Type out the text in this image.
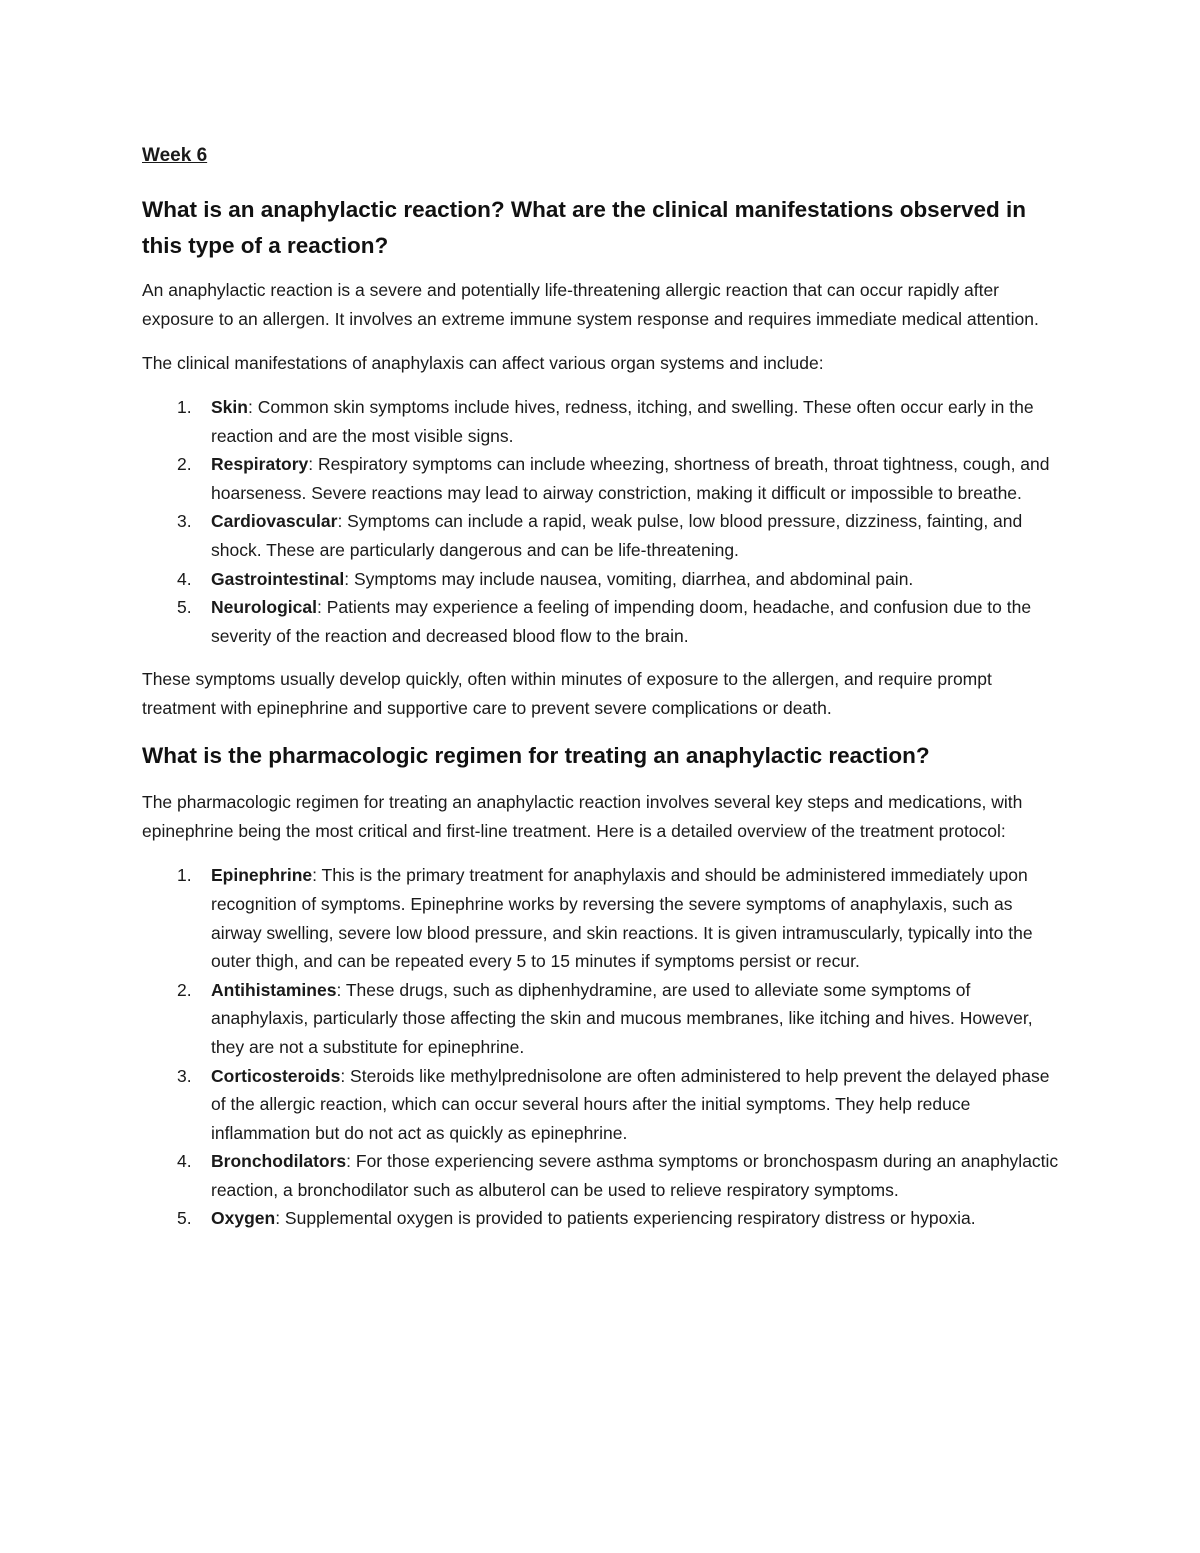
Week 6
What is an anaphylactic reaction? What are the clinical manifestations observed in this type of a reaction?

An anaphylactic reaction is a severe and potentially life-threatening allergic reaction that can occur rapidly after exposure to an allergen. It involves an extreme immune system response and requires immediate medical attention.

The clinical manifestations of anaphylaxis can affect various organ systems and include:

1. Skin: Common skin symptoms include hives, redness, itching, and swelling. These often occur early in the reaction and are the most visible signs.
2. Respiratory: Respiratory symptoms can include wheezing, shortness of breath, throat tightness, cough, and hoarseness. Severe reactions may lead to airway constriction, making it difficult or impossible to breathe.
3. Cardiovascular: Symptoms can include a rapid, weak pulse, low blood pressure, dizziness, fainting, and shock. These are particularly dangerous and can be life-threatening.
4. Gastrointestinal: Symptoms may include nausea, vomiting, diarrhea, and abdominal pain.
5. Neurological: Patients may experience a feeling of impending doom, headache, and confusion due to the severity of the reaction and decreased blood flow to the brain.

These symptoms usually develop quickly, often within minutes of exposure to the allergen, and require prompt treatment with epinephrine and supportive care to prevent severe complications or death.

What is the pharmacologic regimen for treating an anaphylactic reaction?

The pharmacologic regimen for treating an anaphylactic reaction involves several key steps and medications, with epinephrine being the most critical and first-line treatment. Here is a detailed overview of the treatment protocol:

1. Epinephrine: This is the primary treatment for anaphylaxis and should be administered immediately upon recognition of symptoms. Epinephrine works by reversing the severe symptoms of anaphylaxis, such as airway swelling, severe low blood pressure, and skin reactions. It is given intramuscularly, typically into the outer thigh, and can be repeated every 5 to 15 minutes if symptoms persist or recur.
2. Antihistamines: These drugs, such as diphenhydramine, are used to alleviate some symptoms of anaphylaxis, particularly those affecting the skin and mucous membranes, like itching and hives. However, they are not a substitute for epinephrine.
3. Corticosteroids: Steroids like methylprednisolone are often administered to help prevent the delayed phase of the allergic reaction, which can occur several hours after the initial symptoms. They help reduce inflammation but do not act as quickly as epinephrine.
4. Bronchodilators: For those experiencing severe asthma symptoms or bronchospasm during an anaphylactic reaction, a bronchodilator such as albuterol can be used to relieve respiratory symptoms.
5. Oxygen: Supplemental oxygen is provided to patients experiencing respiratory distress or hypoxia.
